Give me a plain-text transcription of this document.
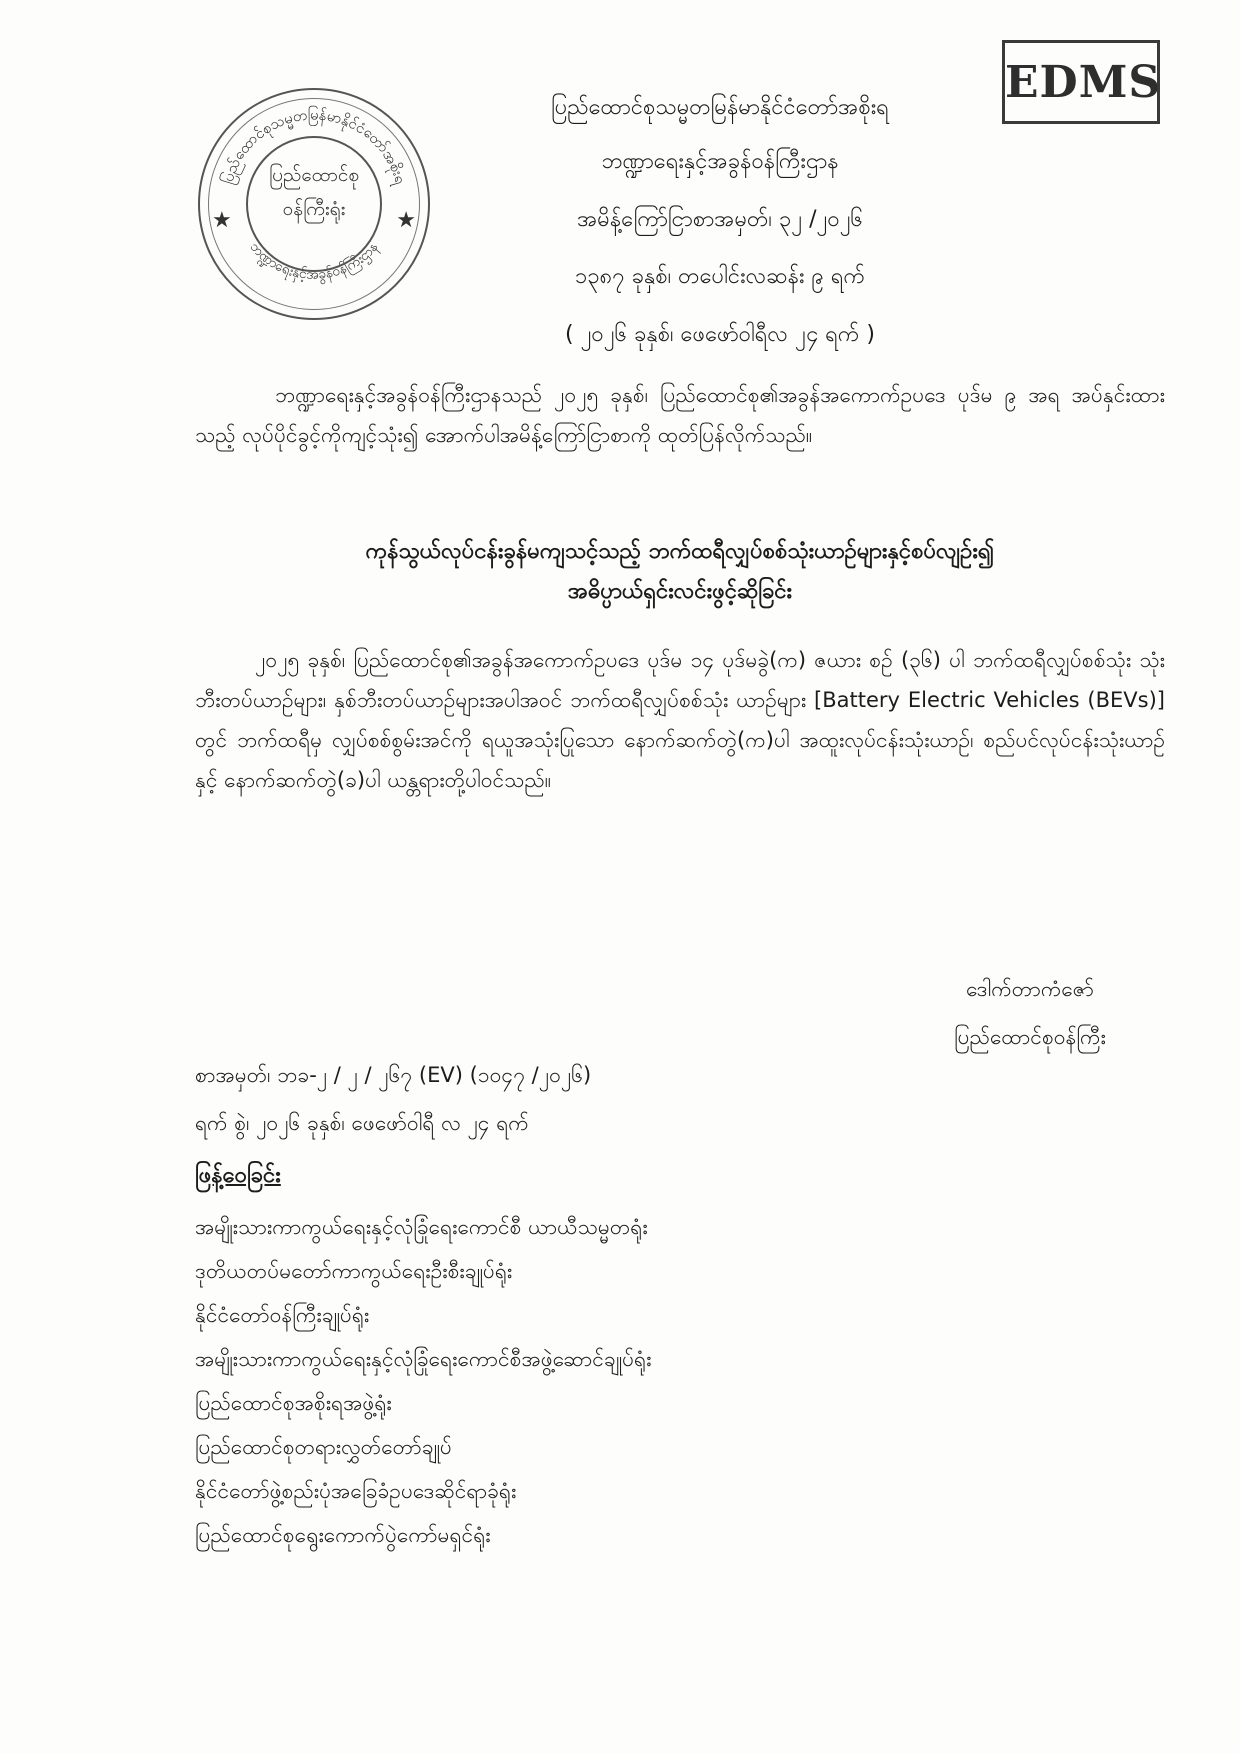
ပြည်ထောင်စုသမ္မတမြန်မာနိုင်ငံတော်အစိုးရ
ဘဏ္ဍာရေးနှင့်အခွန်ဝန်ကြီးဌာန
ပြည်ထောင်စု
ဝန်ကြီးရုံး
★	★
EDMS
ပြည်ထောင်စုသမ္မတမြန်မာနိုင်ငံတော်အစိုးရ
ဘဏ္ဍာရေးနှင့်အခွန်ဝန်ကြီးဌာန
အမိန့်ကြော်ငြာစာအမှတ်၊ ၃၂ /၂၀၂၆
၁၃၈၇ ခုနှစ်၊ တပေါင်းလဆန်း ၉ ရက်
( ၂၀၂၆ ခုနှစ်၊ ဖေဖော်ဝါရီလ ၂၄ ရက် )

ဘဏ္ဍာရေးနှင့်အခွန်ဝန်ကြီးဌာနသည် ၂၀၂၅ ခုနှစ်၊ ပြည်ထောင်စု၏အခွန်အကောက်ဥပဒေ ပုဒ်မ ၉ အရ အပ်နှင်းထားသည့် လုပ်ပိုင်ခွင့်ကိုကျင့်သုံး၍ အောက်ပါအမိန့်ကြော်ငြာစာကို ထုတ်ပြန်လိုက်သည်။

ကုန်သွယ်လုပ်ငန်းခွန်မကျသင့်သည့် ဘက်ထရီလျှပ်စစ်သုံးယာဉ်များနှင့်စပ်လျဉ်း၍
အဓိပ္ပာယ်ရှင်းလင်းဖွင့်ဆိုခြင်း

၂၀၂၅ ခုနှစ်၊ ပြည်ထောင်စု၏အခွန်အကောက်ဥပဒေ ပုဒ်မ ၁၄ ပုဒ်မခွဲ(က) ဇယား စဉ် (၃၆) ပါ ဘက်ထရီလျှပ်စစ်သုံး သုံးဘီးတပ်ယာဉ်များ၊ နှစ်ဘီးတပ်ယာဉ်များအပါအဝင် ဘက်ထရီလျှပ်စစ်သုံး ယာဉ်များ [Battery Electric Vehicles (BEVs)] တွင် ဘက်ထရီမှ လျှပ်စစ်စွမ်းအင်ကို ရယူအသုံးပြုသော နောက်ဆက်တွဲ(က)ပါ အထူးလုပ်ငန်းသုံးယာဉ်၊ စည်ပင်လုပ်ငန်းသုံးယာဉ် နှင့် နောက်ဆက်တွဲ(ခ)ပါ ယန္တရားတို့ပါဝင်သည်။

ဒေါက်တာကံဇော်
ပြည်ထောင်စုဝန်ကြီး
စာအမှတ်၊ ဘခ-၂ / ၂ / ၂၆၇ (EV) (၁၀၄၇ /၂၀၂၆)
ရက် စွဲ၊ ၂၀၂၆ ခုနှစ်၊ ဖေဖော်ဝါရီ လ ၂၄ ရက်
ဖြန့်ဝေခြင်း
အမျိုးသားကာကွယ်ရေးနှင့်လုံခြုံရေးကောင်စီ ယာယီသမ္မတရုံး
ဒုတိယတပ်မတော်ကာကွယ်ရေးဦးစီးချုပ်ရုံး
နိုင်ငံတော်ဝန်ကြီးချုပ်ရုံး
အမျိုးသားကာကွယ်ရေးနှင့်လုံခြုံရေးကောင်စီအဖွဲ့ဆောင်ချုပ်ရုံး
ပြည်ထောင်စုအစိုးရအဖွဲ့ရုံး
ပြည်ထောင်စုတရားလွှတ်တော်ချုပ်
နိုင်ငံတော်ဖွဲ့စည်းပုံအခြေခံဥပဒေဆိုင်ရာခုံရုံး
ပြည်ထောင်စုရွေးကောက်ပွဲကော်မရှင်ရုံး
